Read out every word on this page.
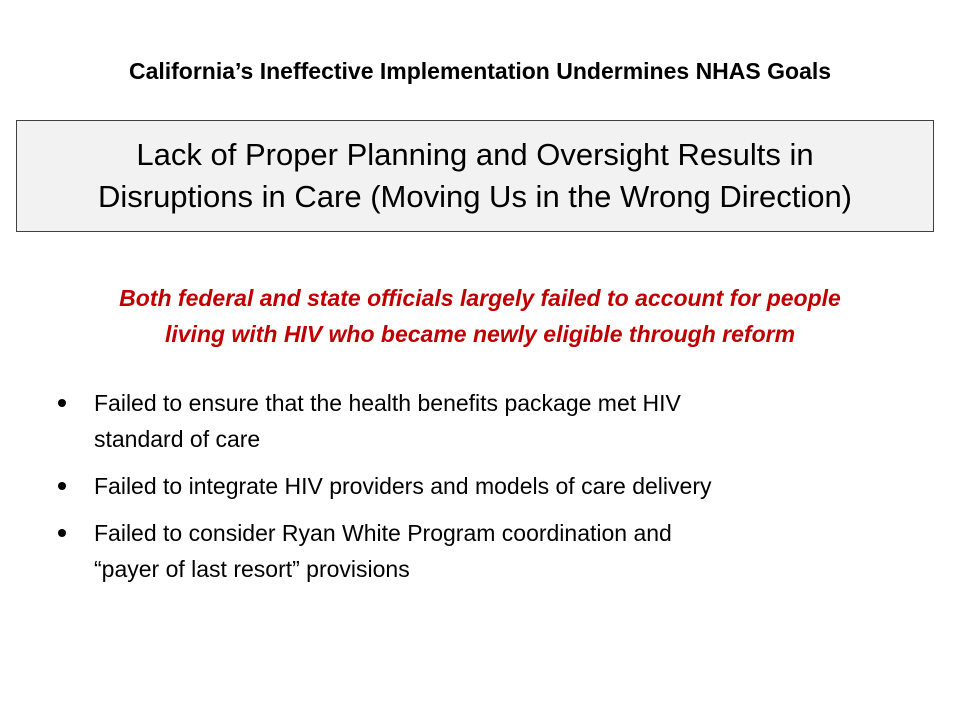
California’s Ineffective Implementation Undermines NHAS Goals
Lack of Proper Planning and Oversight Results in
Disruptions in Care (Moving Us in the Wrong Direction)
Both federal and state officials largely failed to account for people
living with HIV who became newly eligible through reform
Failed to ensure that the health benefits package met HIV
standard of care
Failed to integrate HIV providers and models of care delivery
Failed to consider Ryan White Program coordination and
“payer of last resort” provisions
